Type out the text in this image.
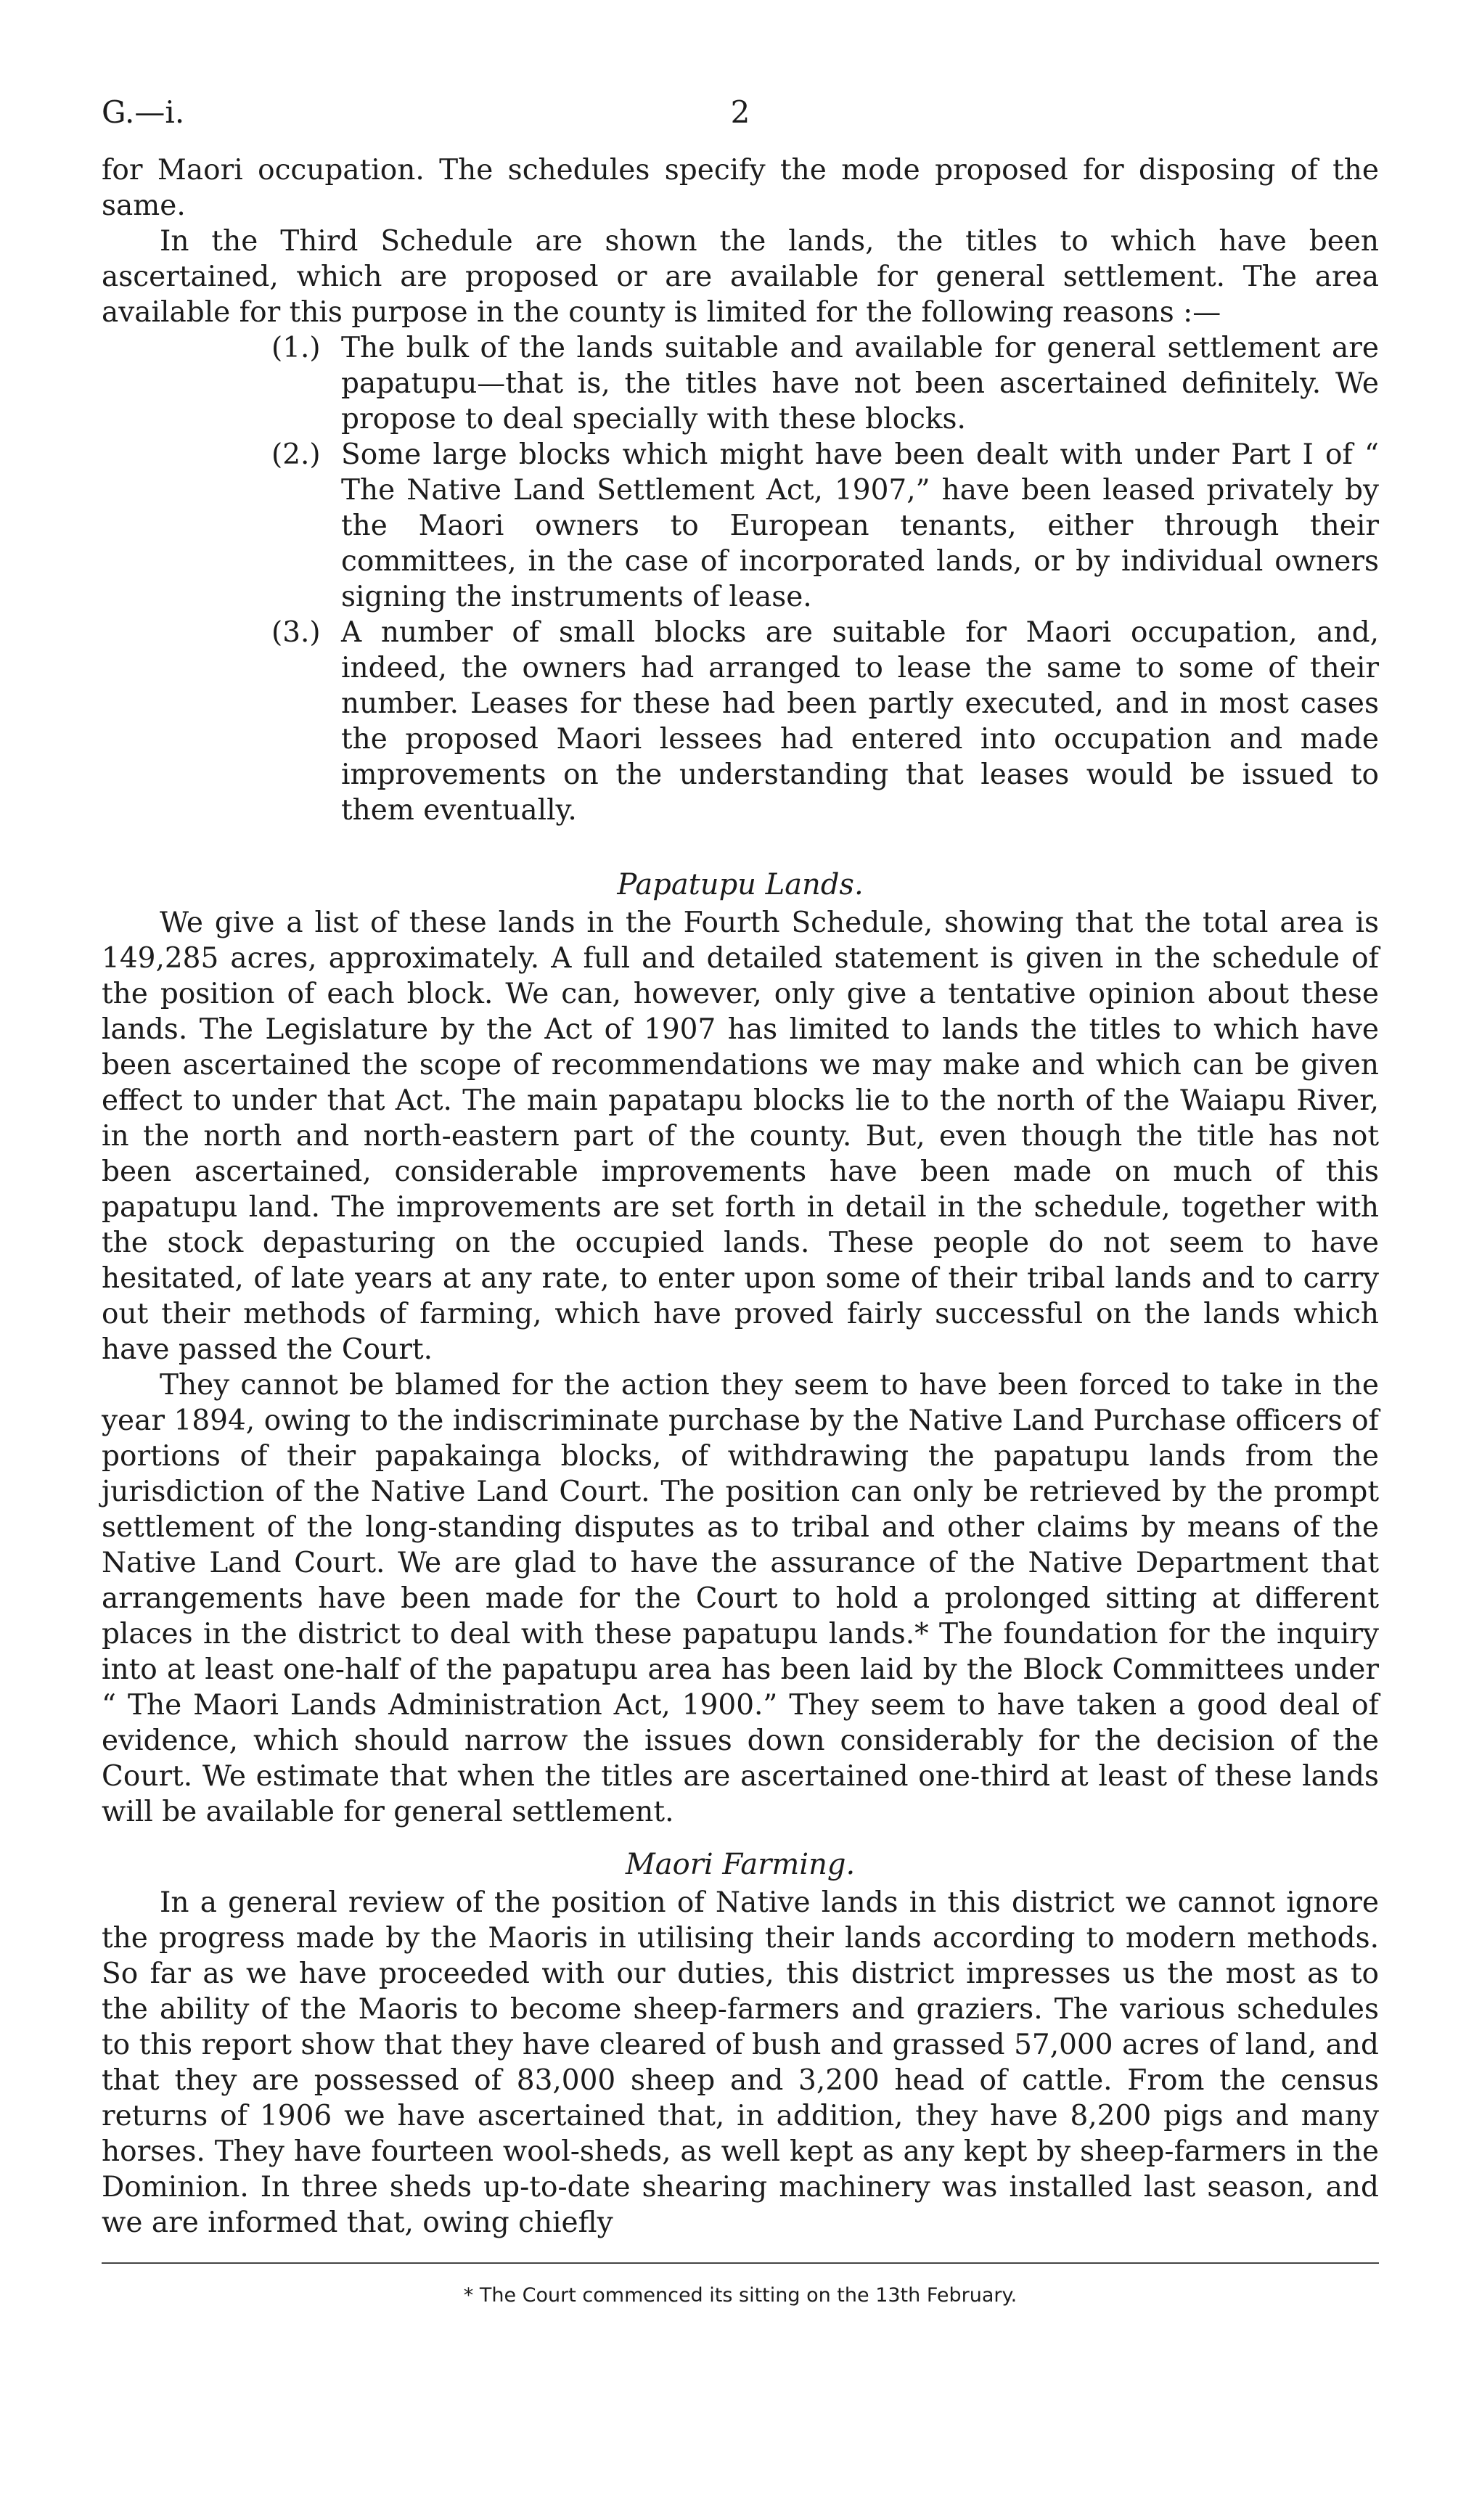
G.—i.	2

for Maori occupation. The schedules specify the mode proposed for disposing of the same.

In the Third Schedule are shown the lands, the titles to which have been ascertained, which are proposed or are available for general settlement. The area available for this purpose in the county is limited for the following reasons :—

(1.) The bulk of the lands suitable and available for general settlement are papatupu—that is, the titles have not been ascertained definitely. We propose to deal specially with these blocks.
(2.) Some large blocks which might have been dealt with under Part I of “ The Native Land Settlement Act, 1907,” have been leased privately by the Maori owners to European tenants, either through their committees, in the case of incorporated lands, or by individual owners signing the instruments of lease.
(3.) A number of small blocks are suitable for Maori occupation, and, indeed, the owners had arranged to lease the same to some of their number. Leases for these had been partly executed, and in most cases the proposed Maori lessees had entered into occupation and made improvements on the understanding that leases would be issued to them eventually.
Papatupu Lands.

We give a list of these lands in the Fourth Schedule, showing that the total area is 149,285 acres, approximately. A full and detailed statement is given in the schedule of the position of each block. We can, however, only give a tentative opinion about these lands. The Legislature by the Act of 1907 has limited to lands the titles to which have been ascertained the scope of recommendations we may make and which can be given effect to under that Act. The main papatapu blocks lie to the north of the Waiapu River, in the north and north-eastern part of the county. But, even though the title has not been ascertained, considerable improvements have been made on much of this papatupu land. The improvements are set forth in detail in the schedule, together with the stock depasturing on the occupied lands. These people do not seem to have hesitated, of late years at any rate, to enter upon some of their tribal lands and to carry out their methods of farming, which have proved fairly successful on the lands which have passed the Court.

They cannot be blamed for the action they seem to have been forced to take in the year 1894, owing to the indiscriminate purchase by the Native Land Purchase officers of portions of their papakainga blocks, of withdrawing the papatupu lands from the jurisdiction of the Native Land Court. The position can only be retrieved by the prompt settlement of the long-standing disputes as to tribal and other claims by means of the Native Land Court. We are glad to have the assurance of the Native Department that arrangements have been made for the Court to hold a prolonged sitting at different places in the district to deal with these papatupu lands.* The foundation for the inquiry into at least one-half of the papatupu area has been laid by the Block Committees under “ The Maori Lands Administration Act, 1900.” They seem to have taken a good deal of evidence, which should narrow the issues down considerably for the decision of the Court. We estimate that when the titles are ascertained one-third at least of these lands will be available for general settlement.

Maori Farming.

In a general review of the position of Native lands in this district we cannot ignore the progress made by the Maoris in utilising their lands according to modern methods. So far as we have proceeded with our duties, this district impresses us the most as to the ability of the Maoris to become sheep-farmers and graziers. The various schedules to this report show that they have cleared of bush and grassed 57,000 acres of land, and that they are possessed of 83,000 sheep and 3,200 head of cattle. From the census returns of 1906 we have ascertained that, in addition, they have 8,200 pigs and many horses. They have fourteen wool-sheds, as well kept as any kept by sheep-farmers in the Dominion. In three sheds up-to-date shearing machinery was installed last season, and we are informed that, owing chiefly

* The Court commenced its sitting on the 13th February.
